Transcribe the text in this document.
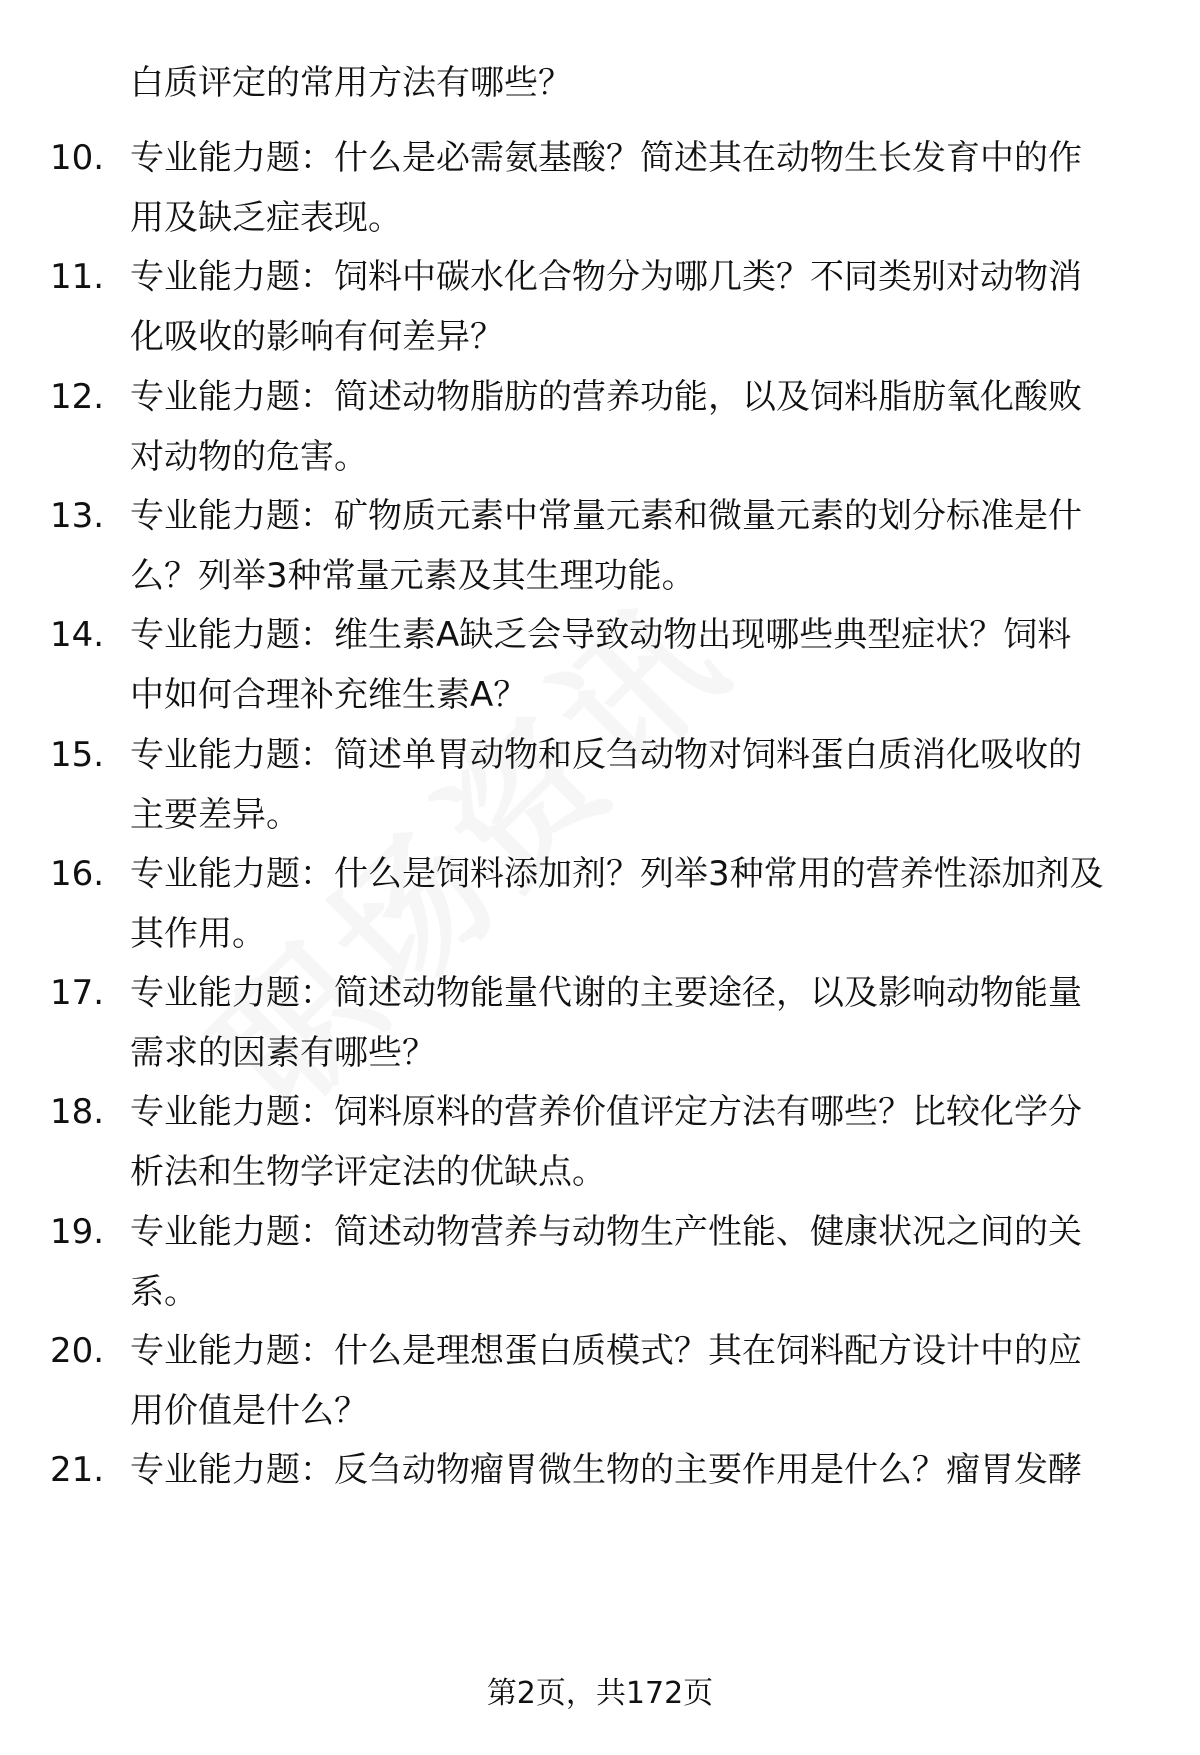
白质评定的常用方法有哪些？
10. 专业能力题：什么是必需氨基酸？简述其在动物生长发育中的作
用及缺乏症表现。
11. 专业能力题：饲料中碳水化合物分为哪几类？不同类别对动物消
化吸收的影响有何差异？
12. 专业能力题：简述动物脂肪的营养功能，以及饲料脂肪氧化酸败
对动物的危害。
13. 专业能力题：矿物质元素中常量元素和微量元素的划分标准是什
么？列举3种常量元素及其生理功能。
14. 专业能力题：维生素A缺乏会导致动物出现哪些典型症状？饲料
中如何合理补充维生素A？
15. 专业能力题：简述单胃动物和反刍动物对饲料蛋白质消化吸收的
主要差异。
16. 专业能力题：什么是饲料添加剂？列举3种常用的营养性添加剂及
其作用。
17. 专业能力题：简述动物能量代谢的主要途径，以及影响动物能量
需求的因素有哪些？
18. 专业能力题：饲料原料的营养价值评定方法有哪些？比较化学分
析法和生物学评定法的优缺点。
19. 专业能力题：简述动物营养与动物生产性能、健康状况之间的关
系。
20. 专业能力题：什么是理想蛋白质模式？其在饲料配方设计中的应
用价值是什么？
21. 专业能力题：反刍动物瘤胃微生物的主要作用是什么？瘤胃发酵
第2页，共172页
